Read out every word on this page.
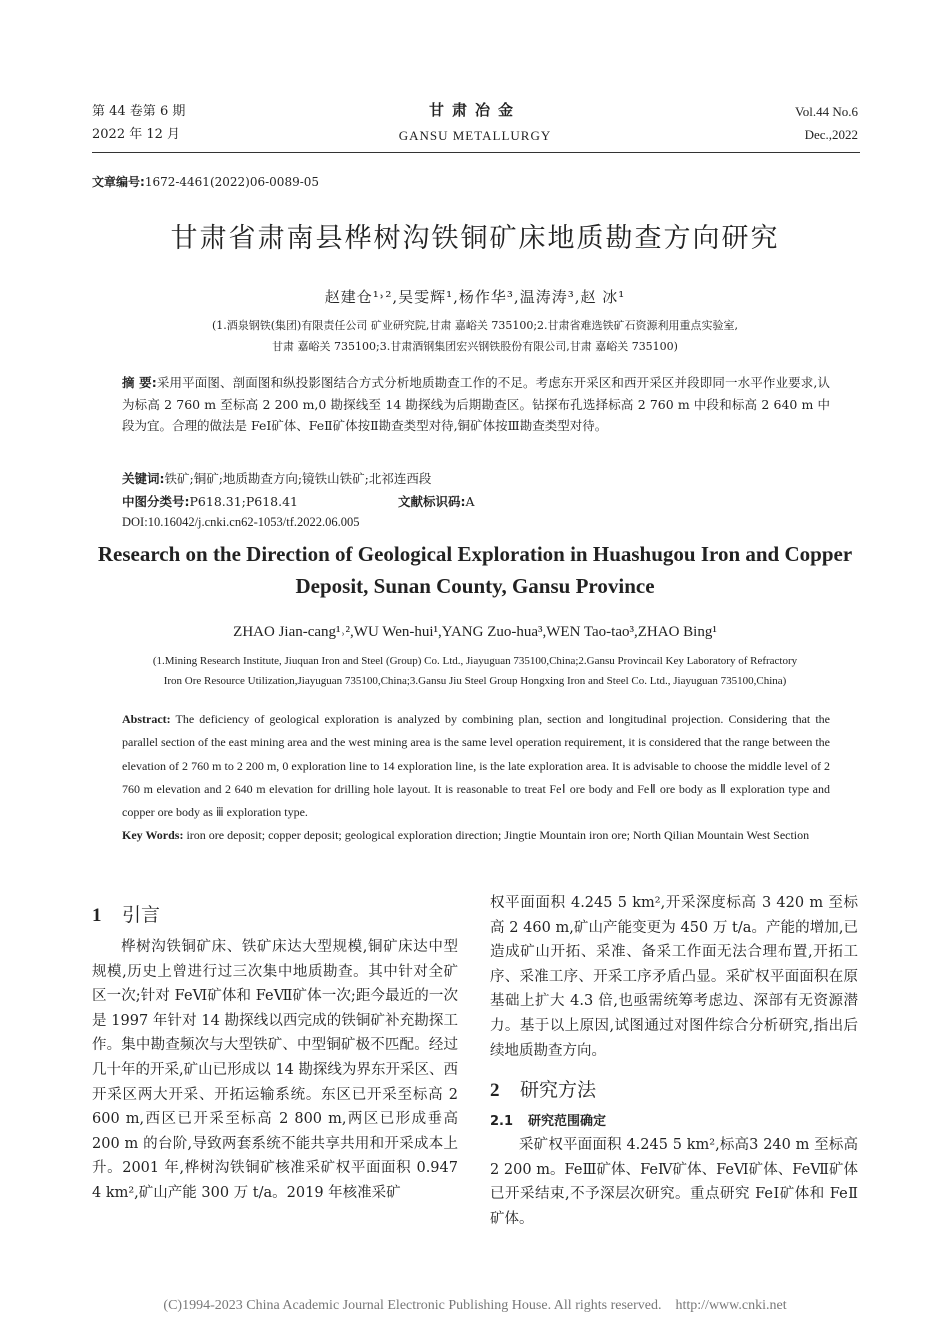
第 44 卷第 6 期
2022 年 12 月
甘肃冶金
GANSU METALLURGY
Vol.44 No.6
Dec.,2022
文章编号:1672-4461(2022)06-0089-05
甘肃省肃南县桦树沟铁铜矿床地质勘查方向研究
赵建仓¹˒²,吴雯辉¹,杨作华³,温涛涛³,赵 冰¹
(1.酒泉钢铁(集团)有限责任公司 矿业研究院,甘肃 嘉峪关 735100;2.甘肃省难选铁矿石资源利用重点实验室,
甘肃 嘉峪关 735100;3.甘肃酒钢集团宏兴钢铁股份有限公司,甘肃 嘉峪关 735100)
摘 要:采用平面图、剖面图和纵投影图结合方式分析地质勘查工作的不足。考虑东开采区和西开采区并段即同一水平作业要求,认为标高 2 760 m 至标高 2 200 m,0 勘探线至 14 勘探线为后期勘查区。钻探布孔选择标高 2 760 m 中段和标高 2 640 m 中段为宜。合理的做法是 FeⅠ矿体、FeⅡ矿体按Ⅱ勘查类型对待,铜矿体按Ⅲ勘查类型对待。
关键词:铁矿;铜矿;地质勘查方向;镜铁山铁矿;北祁连西段
中图分类号:P618.31;P618.41	文献标识码:A
DOI:10.16042/j.cnki.cn62-1053/tf.2022.06.005
Research on the Direction of Geological Exploration in Huashugou Iron and Copper Deposit, Sunan County, Gansu Province
ZHAO Jian-cang¹˒²,WU Wen-hui¹,YANG Zuo-hua³,WEN Tao-tao³,ZHAO Bing¹
(1.Mining Research Institute, Jiuquan Iron and Steel (Group) Co. Ltd., Jiayuguan 735100,China;2.Gansu Provincail Key Laboratory of Refractory
Iron Ore Resource Utilization,Jiayuguan 735100,China;3.Gansu Jiu Steel Group Hongxing Iron and Steel Co. Ltd., Jiayuguan 735100,China)
Abstract: The deficiency of geological exploration is analyzed by combining plan, section and longitudinal projection. Considering that the parallel section of the east mining area and the west mining area is the same level operation requirement, it is considered that the range between the elevation of 2 760 m to 2 200 m, 0 exploration line to 14 exploration line, is the late exploration area. It is advisable to choose the middle level of 2 760 m elevation and 2 640 m elevation for drilling hole layout. It is reasonable to treat FeⅠ ore body and FeⅡ ore body as Ⅱ exploration type and copper ore body as ⅲ exploration type.
Key Words: iron ore deposit; copper deposit; geological exploration direction; Jingtie Mountain iron ore; North Qilian Mountain West Section
1 引言

桦树沟铁铜矿床、铁矿床达大型规模,铜矿床达中型规模,历史上曾进行过三次集中地质勘查。其中针对全矿区一次;针对 FeⅥ矿体和 FeⅦ矿体一次;距今最近的一次是 1997 年针对 14 勘探线以西完成的铁铜矿补充勘探工作。集中勘查频次与大型铁矿、中型铜矿极不匹配。经过几十年的开采,矿山已形成以 14 勘探线为界东开采区、西开采区两大开采、开拓运输系统。东区已开采至标高 2 600 m,西区已开采至标高 2 800 m,两区已形成垂高 200 m 的台阶,导致两套系统不能共享共用和开采成本上升。2001 年,桦树沟铁铜矿核准采矿权平面面积 0.947 4 km²,矿山产能 300 万 t/a。2019 年核准采矿

权平面面积 4.245 5 km²,开采深度标高 3 420 m 至标高 2 460 m,矿山产能变更为 450 万 t/a。产能的增加,已造成矿山开拓、采准、备采工作面无法合理布置,开拓工序、采准工序、开采工序矛盾凸显。采矿权平面面积在原基础上扩大 4.3 倍,也亟需统筹考虑边、深部有无资源潜力。基于以上原因,试图通过对图件综合分析研究,指出后续地质勘查方向。

2 研究方法
2.1 研究范围确定

采矿权平面面积 4.245 5 km²,标高3 240 m 至标高 2 200 m。FeⅢ矿体、FeⅣ矿体、FeⅥ矿体、FeⅦ矿体已开采结束,不予深层次研究。重点研究 FeⅠ矿体和 FeⅡ矿体。

(C)1994-2023 China Academic Journal Electronic Publishing House. All rights reserved. http://www.cnki.net
